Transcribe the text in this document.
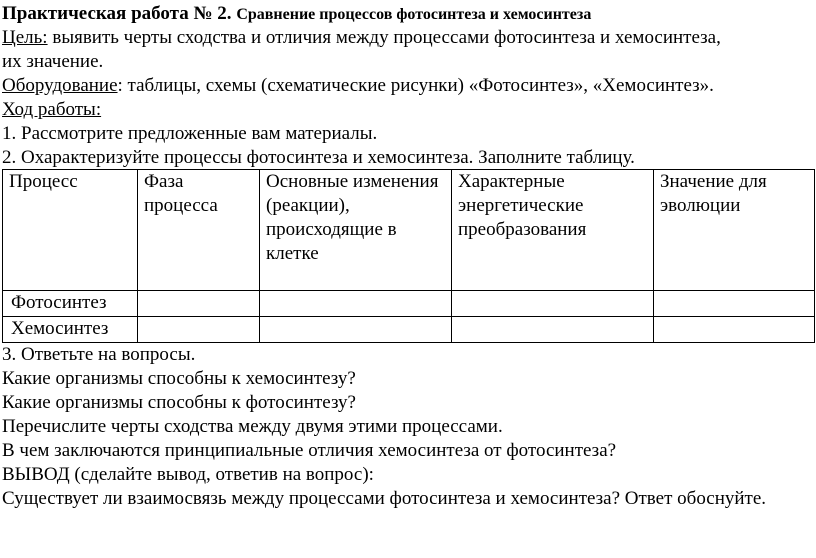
Практическая работа № 2. Сравнение процессов фотосинтеза и хемосинтеза
Цель: выявить черты сходства и отличия между процессами фотосинтеза и хемосинтеза,
их значение.
Оборудование: таблицы, схемы (схематические рисунки) «Фотосинтез», «Хемосинтез».
Ход работы:
1. Рассмотрите предложенные вам материалы.
2. Охарактеризуйте процессы фотосинтеза и хемосинтеза. Заполните таблицу.
Процесс	Фаза процесса	Основные изменения (реакции), происходящие в клетке	Характерные энергетические преобразования	Значение для эволюции
Фотосинтез				
Хемосинтез				
3. Ответьте на вопросы.
Какие организмы способны к хемосинтезу?
Какие организмы способны к фотосинтезу?
Перечислите черты сходства между двумя этими процессами.
В чем заключаются принципиальные отличия хемосинтеза от фотосинтеза?
ВЫВОД (сделайте вывод, ответив на вопрос):
Существует ли взаимосвязь между процессами фотосинтеза и хемосинтеза? Ответ обоснуйте.
